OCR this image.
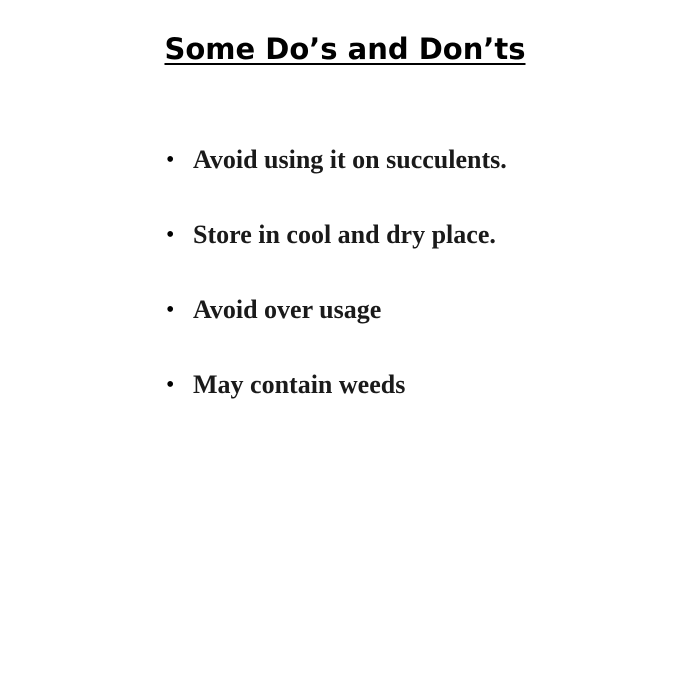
Some Do’s and Don’ts
• Avoid using it on succulents.
• Store in cool and dry place.
• Avoid over usage
• May contain weeds
